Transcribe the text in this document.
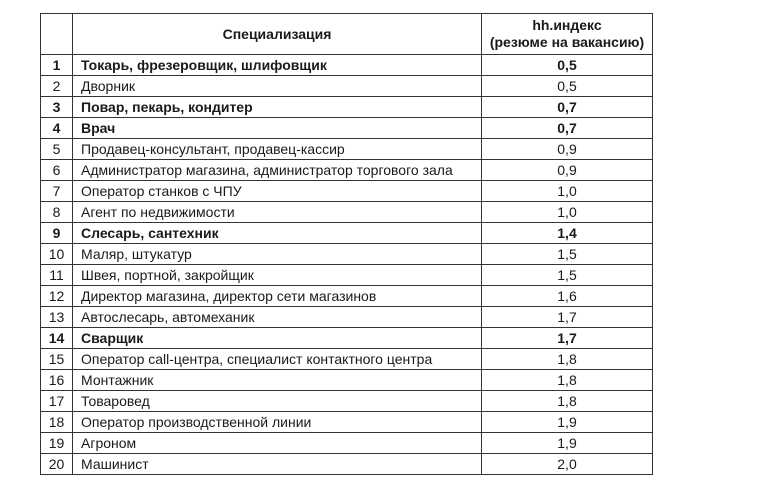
	Специализация	hh.индекс
(резюме на вакансию)

1	Токарь, фрезеровщик, шлифовщик	0,5
2	Дворник	0,5
3	Повар, пекарь, кондитер	0,7
4	Врач	0,7
5	Продавец-консультант, продавец-кассир	0,9
6	Администратор магазина, администратор торгового зала	0,9
7	Оператор станков с ЧПУ	1,0
8	Агент по недвижимости	1,0
9	Слесарь, сантехник	1,4
10	Маляр, штукатур	1,5
11	Швея, портной, закройщик	1,5
12	Директор магазина, директор сети магазинов	1,6
13	Автослесарь, автомеханик	1,7
14	Сварщик	1,7
15	Оператор call-центра, специалист контактного центра	1,8
16	Монтажник	1,8
17	Товаровед	1,8
18	Оператор производственной линии	1,9
19	Агроном	1,9
20	Машинист	2,0
